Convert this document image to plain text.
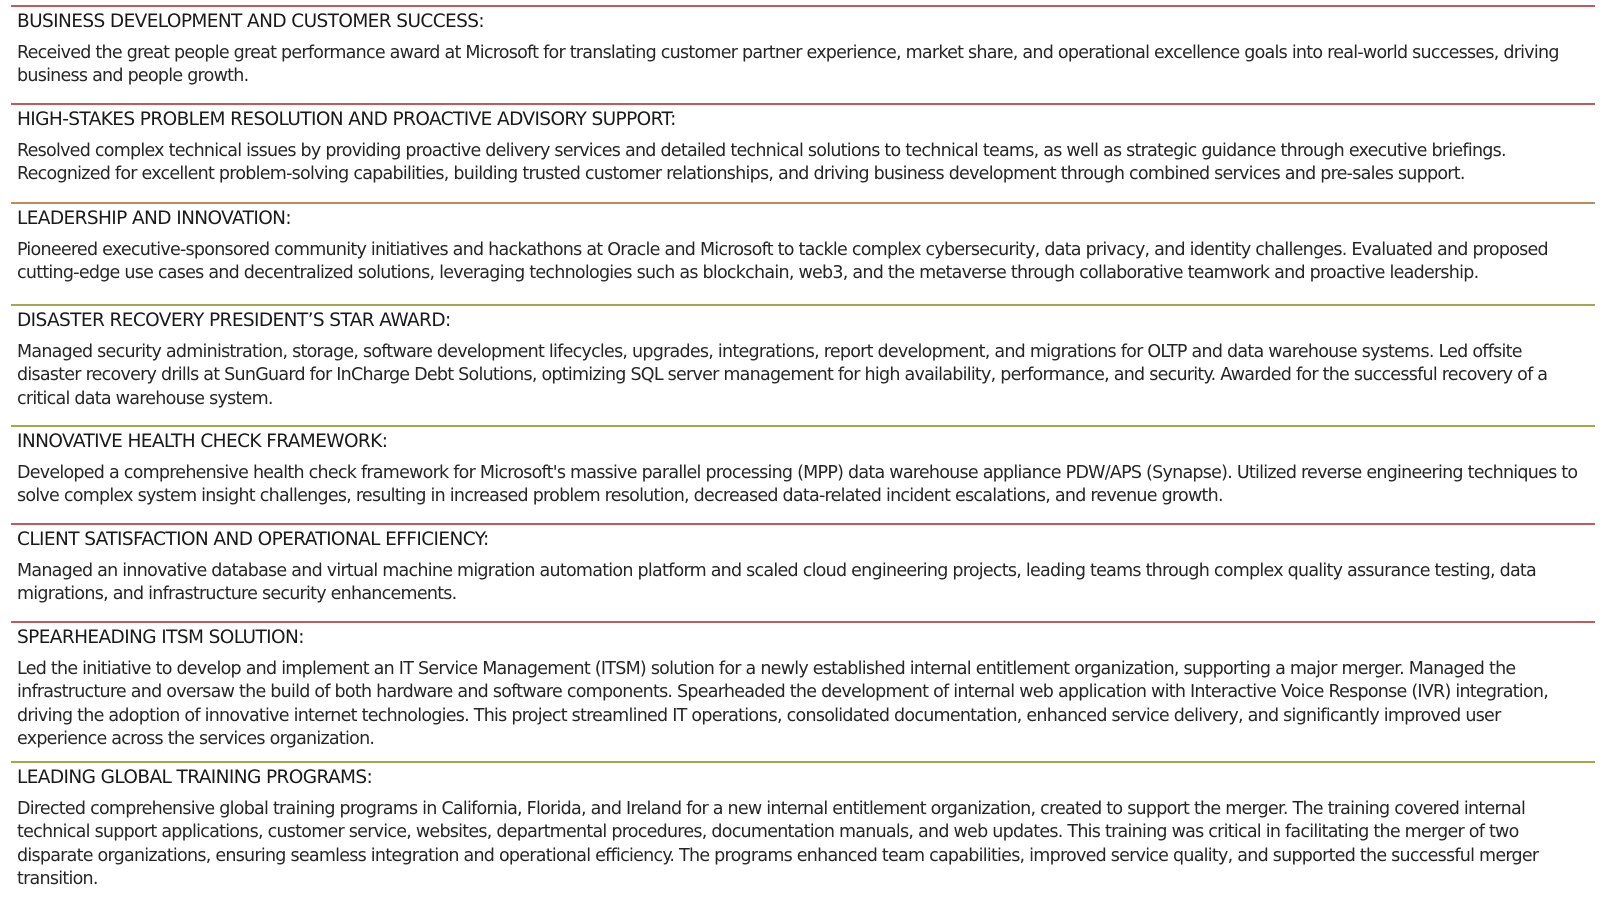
BUSINESS DEVELOPMENT AND CUSTOMER SUCCESS:

Received the great people great performance award at Microsoft for translating customer partner experience, market share, and operational excellence goals into real-world successes, driving business and people growth.

HIGH-STAKES PROBLEM RESOLUTION AND PROACTIVE ADVISORY SUPPORT:

Resolved complex technical issues by providing proactive delivery services and detailed technical solutions to technical teams, as well as strategic guidance through executive briefings. Recognized for excellent problem-solving capabilities, building trusted customer relationships, and driving business development through combined services and pre-sales support.

LEADERSHIP AND INNOVATION:

Pioneered executive-sponsored community initiatives and hackathons at Oracle and Microsoft to tackle complex cybersecurity, data privacy, and identity challenges. Evaluated and proposed cutting-edge use cases and decentralized solutions, leveraging technologies such as blockchain, web3, and the metaverse through collaborative teamwork and proactive leadership.

DISASTER RECOVERY PRESIDENT’S STAR AWARD:

Managed security administration, storage, software development lifecycles, upgrades, integrations, report development, and migrations for OLTP and data warehouse systems. Led offsite disaster recovery drills at SunGuard for InCharge Debt Solutions, optimizing SQL server management for high availability, performance, and security. Awarded for the successful recovery of a critical data warehouse system.

INNOVATIVE HEALTH CHECK FRAMEWORK:

Developed a comprehensive health check framework for Microsoft's massive parallel processing (MPP) data warehouse appliance PDW/APS (Synapse). Utilized reverse engineering techniques to solve complex system insight challenges, resulting in increased problem resolution, decreased data-related incident escalations, and revenue growth.

CLIENT SATISFACTION AND OPERATIONAL EFFICIENCY:

Managed an innovative database and virtual machine migration automation platform and scaled cloud engineering projects, leading teams through complex quality assurance testing, data migrations, and infrastructure security enhancements.

SPEARHEADING ITSM SOLUTION:

Led the initiative to develop and implement an IT Service Management (ITSM) solution for a newly established internal entitlement organization, supporting a major merger. Managed the infrastructure and oversaw the build of both hardware and software components. Spearheaded the development of internal web application with Interactive Voice Response (IVR) integration, driving the adoption of innovative internet technologies. This project streamlined IT operations, consolidated documentation, enhanced service delivery, and significantly improved user experience across the services organization.

LEADING GLOBAL TRAINING PROGRAMS:

Directed comprehensive global training programs in California, Florida, and Ireland for a new internal entitlement organization, created to support the merger. The training covered internal technical support applications, customer service, websites, departmental procedures, documentation manuals, and web updates. This training was critical in facilitating the merger of two disparate organizations, ensuring seamless integration and operational efficiency. The programs enhanced team capabilities, improved service quality, and supported the successful merger transition.
